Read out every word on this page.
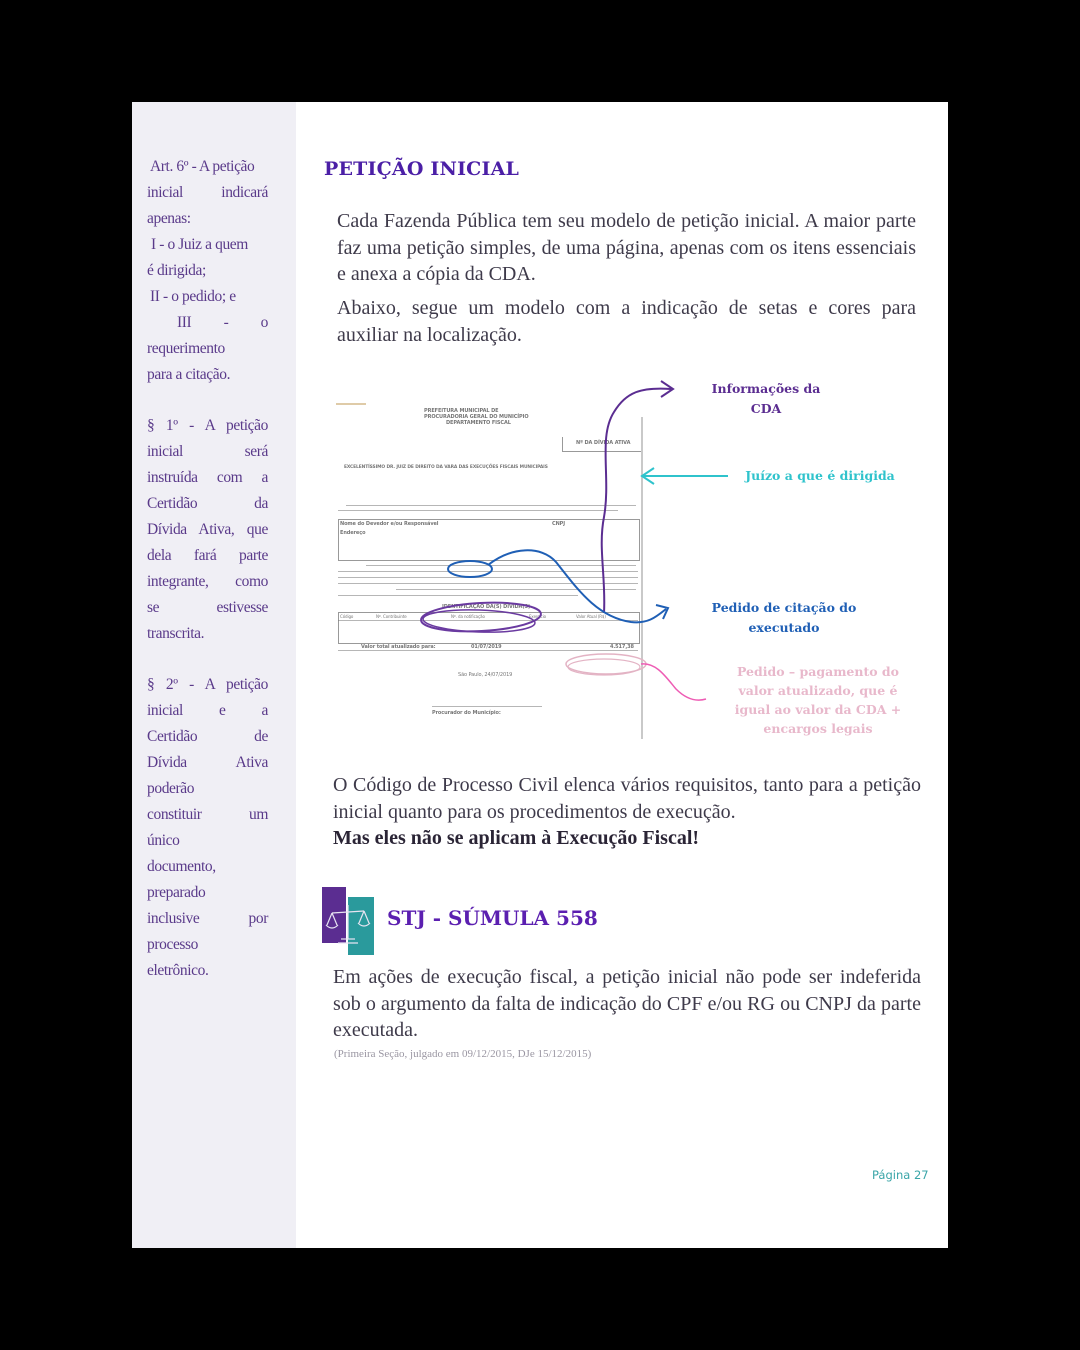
Art. 6º - A petição
inicial indicará
apenas:
I - o Juiz a quem
é dirigida;
II - o pedido; e
III - o
requerimento
para a citação.
§ 1º - A petição
inicial será
instruída com a
Certidão da
Dívida Ativa, que
dela fará parte
integrante, como
se estivesse
transcrita.
§ 2º - A petição
inicial e a
Certidão de
Dívida Ativa
poderão
constituir um
único
documento,
preparado
inclusive por
processo
eletrônico.
PETIÇÃO INICIAL

Cada Fazenda Pública tem seu modelo de petição inicial. A maior parte faz uma petição simples, de uma página, apenas com os itens essenciais e anexa a cópia da CDA.

Abaixo, segue um modelo com a indicação de setas e cores para auxiliar na localização.

PREFEITURA MUNICIPAL DE
PROCURADORIA GERAL DO MUNICÍPIO
DEPARTAMENTO FISCAL
Nº DA DÍVIDA ATIVA
EXCELENTÍSSIMO DR. JUIZ DE DIREITO DA VARA DAS EXECUÇÕES FISCAIS MUNICIPAIS
Nome do Devedor e/ou Responsável	CNPJ
Endereço
IDENTIFICAÇÃO DA(S) DÍVIDA(S)
Código	Nº. Contribuinte	Nº. da notificação	Exercício	Valor Atual (R$)
Valor total atualizado para:	01/07/2019	4.517,38
São Paulo, 24/07/2019
Procurador do Município:
Informações da
CDA
Juízo a que é dirigida
Pedido de citação do executado
Pedido – pagamento do
valor atualizado, que é
igual ao valor da CDA +
encargos legais
O Código de Processo Civil elenca vários requisitos, tanto para a petição inicial quanto para os procedimentos de execução.
Mas eles não se aplicam à Execução Fiscal!
STJ - SÚMULA 558

Em ações de execução fiscal, a petição inicial não pode ser indeferida sob o argumento da falta de indicação do CPF e/ou RG ou CNPJ da parte executada.

(Primeira Seção, julgado em 09/12/2015, DJe 15/12/2015)
Página 27
